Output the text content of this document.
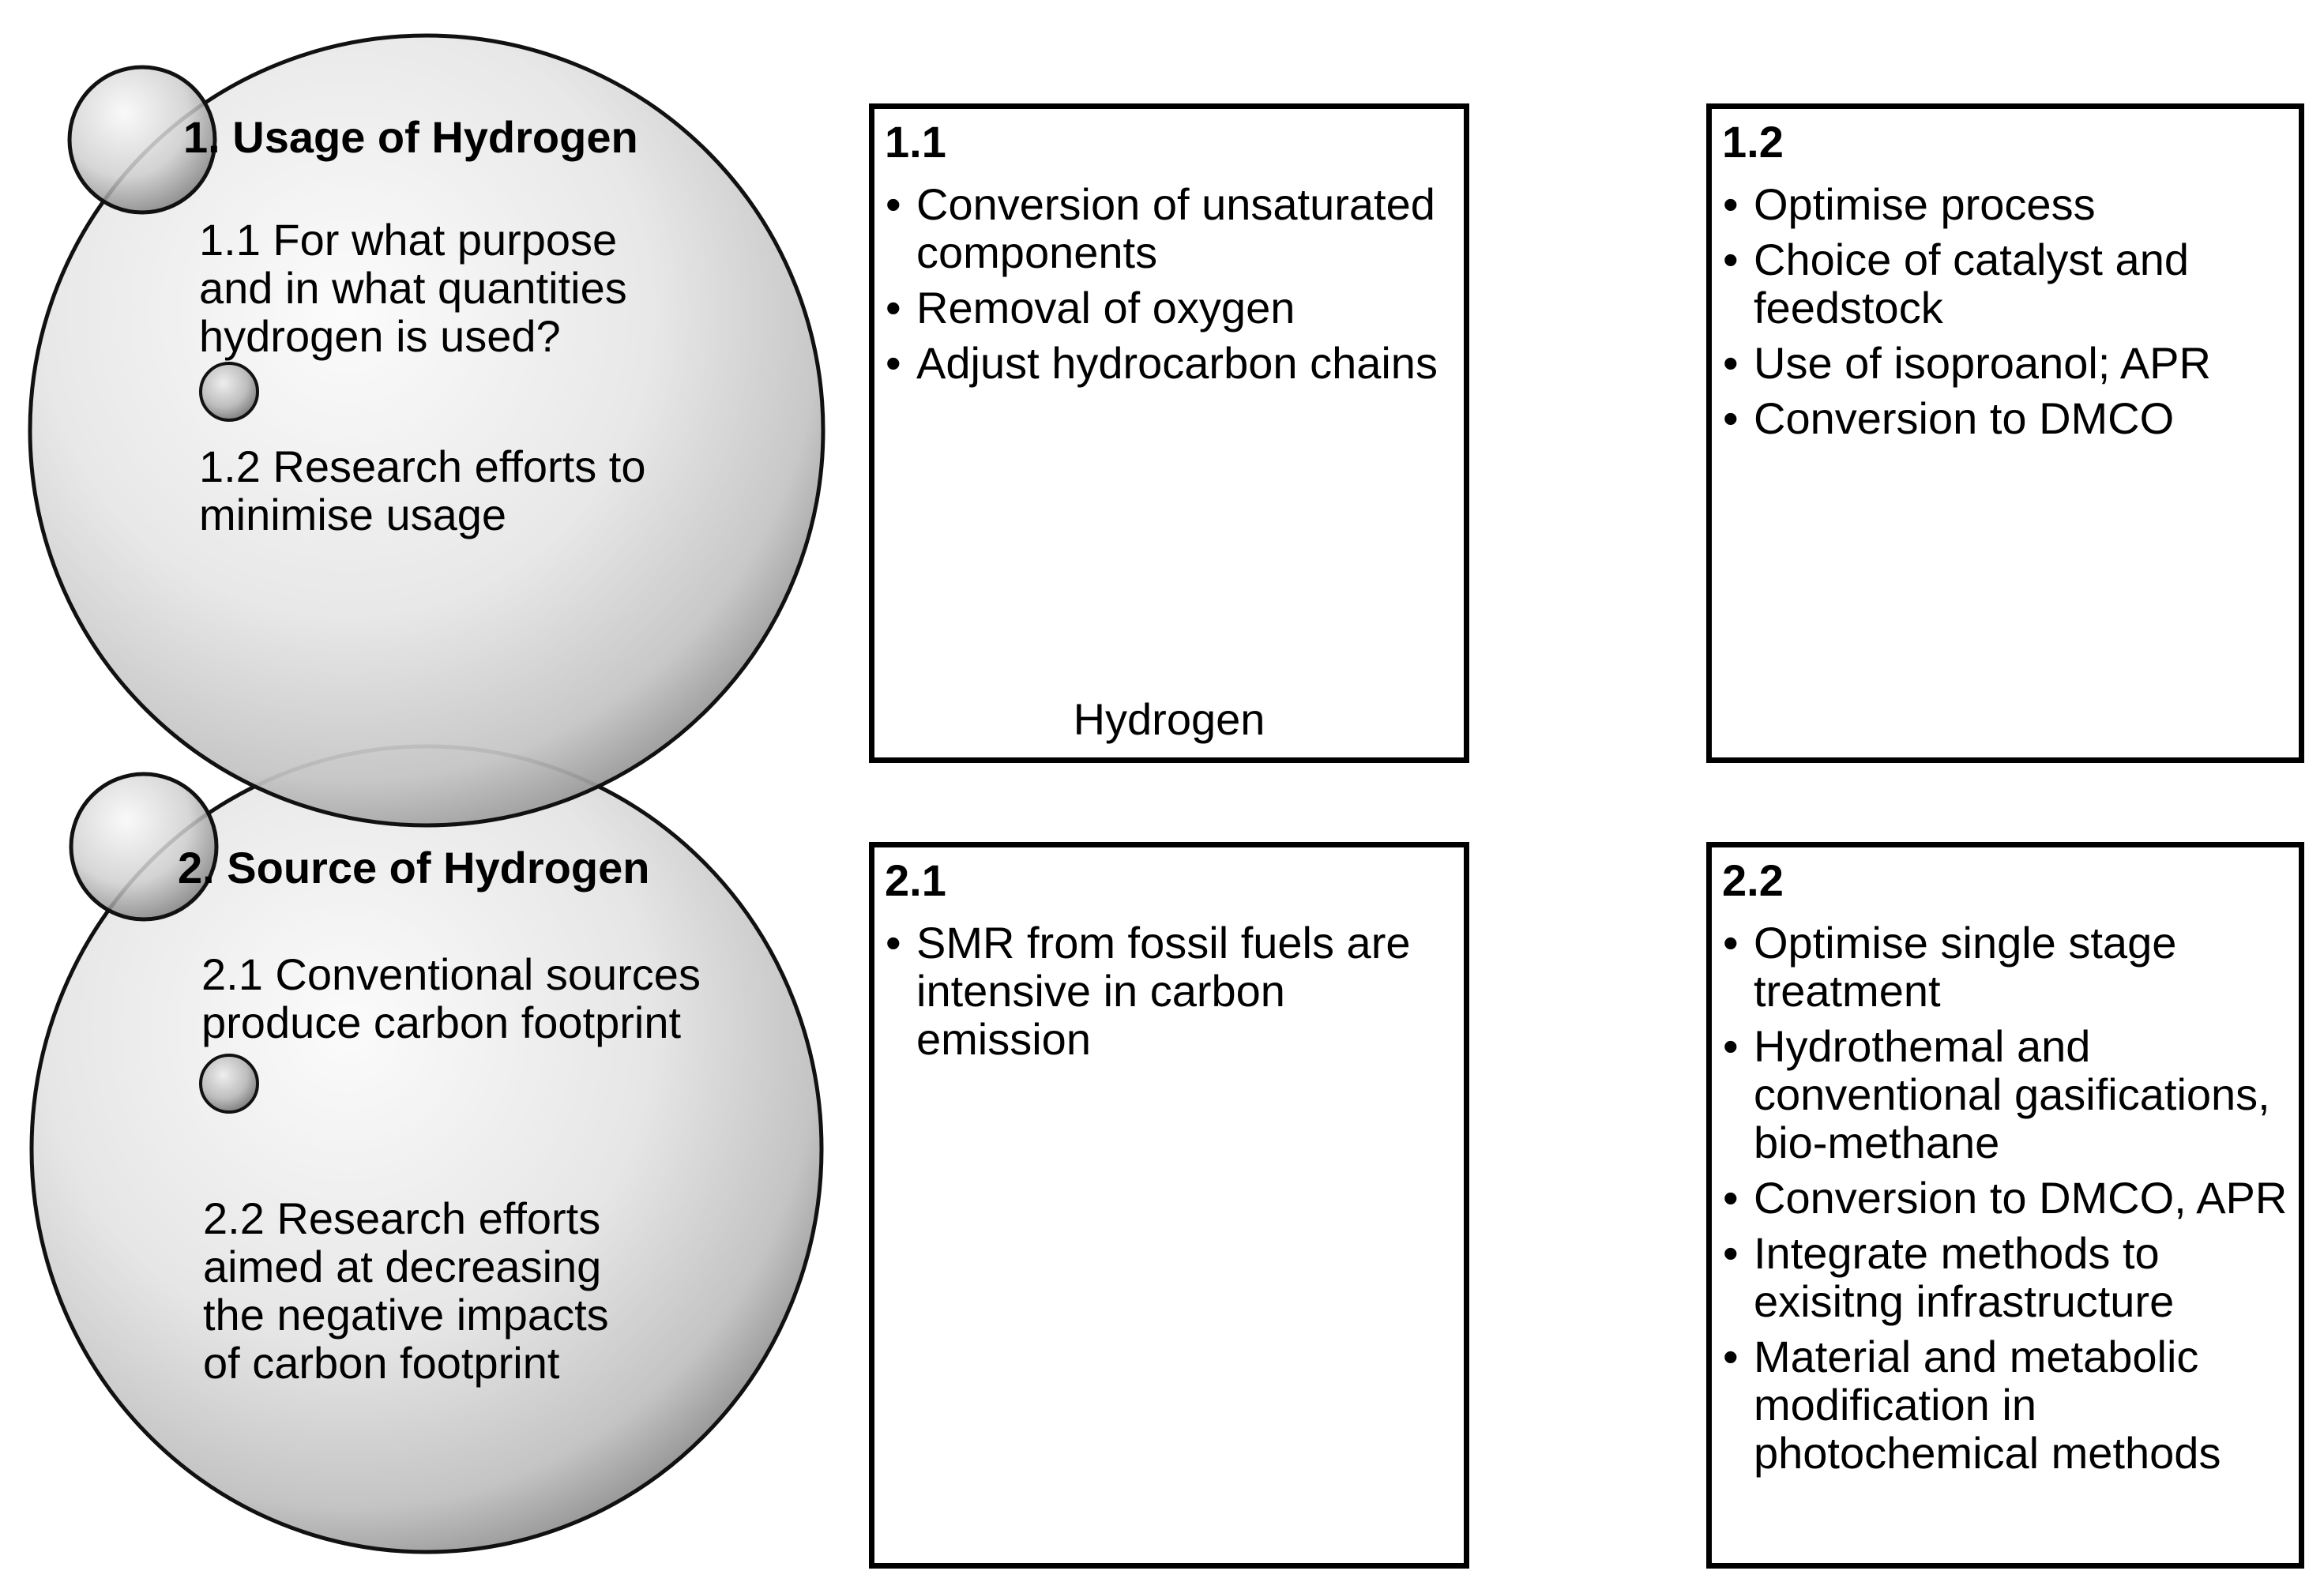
1. Usage of Hydrogen
1.1 For what purpose
and in what quantities
hydrogen is used?
1.2 Research efforts to
minimise usage
2. Source of Hydrogen
2.1 Conventional sources
produce carbon footprint
2.2 Research efforts
aimed at decreasing
the negative impacts
of carbon footprint
1.1
• Conversion of unsaturated components
• Removal of oxygen
• Adjust hydrocarbon chains
Hydrogen
1.2
• Optimise process
• Choice of catalyst and feedstock
• Use of isoproanol; APR
• Conversion to DMCO
2.1
• SMR from fossil fuels are intensive in carbon emission
2.2
• Optimise single stage treatment
• Hydrothemal and conventional gasifications, bio-methane
• Conversion to DMCO, APR
• Integrate methods to exisitng infrastructure
• Material and metabolic modification in photochemical methods
